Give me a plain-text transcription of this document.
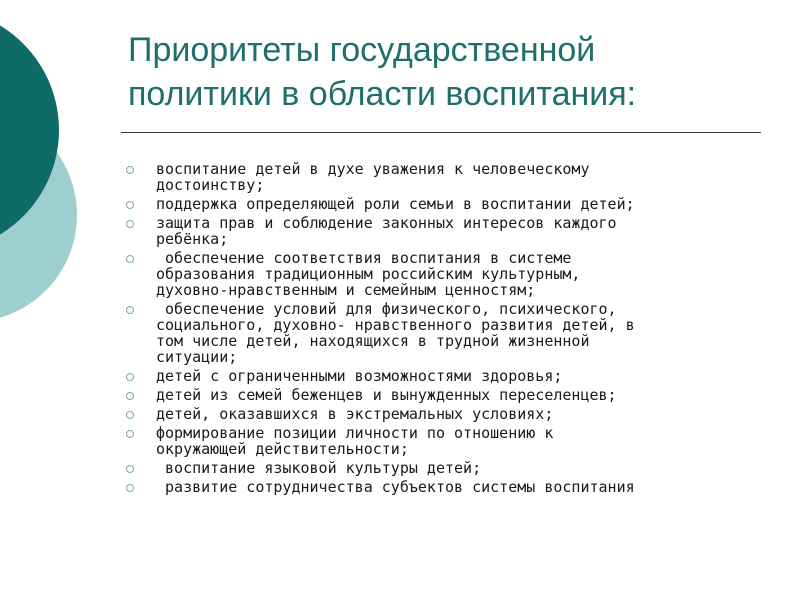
Приоритеты государственной
политики в области воспитания:
воспитание детей в духе уважения к человеческому
достоинству;
поддержка определяющей роли семьи в воспитании детей;
защита прав и соблюдение законных интересов каждого
ребёнка;
обеспечение соответствия воспитания в системе
образования традиционным российским культурным,
духовно-нравственным и семейным ценностям;
обеспечение условий для физического, психического,
социального, духовно- нравственного развития детей, в
том числе детей, находящихся в трудной жизненной
ситуации;
детей с ограниченными возможностями здоровья;
детей из семей беженцев и вынужденных переселенцев;
детей, оказавшихся в экстремальных условиях;
формирование позиции личности по отношению к
окружающей действительности;
воспитание языковой культуры детей;
развитие сотрудничества субъектов системы воспитания
